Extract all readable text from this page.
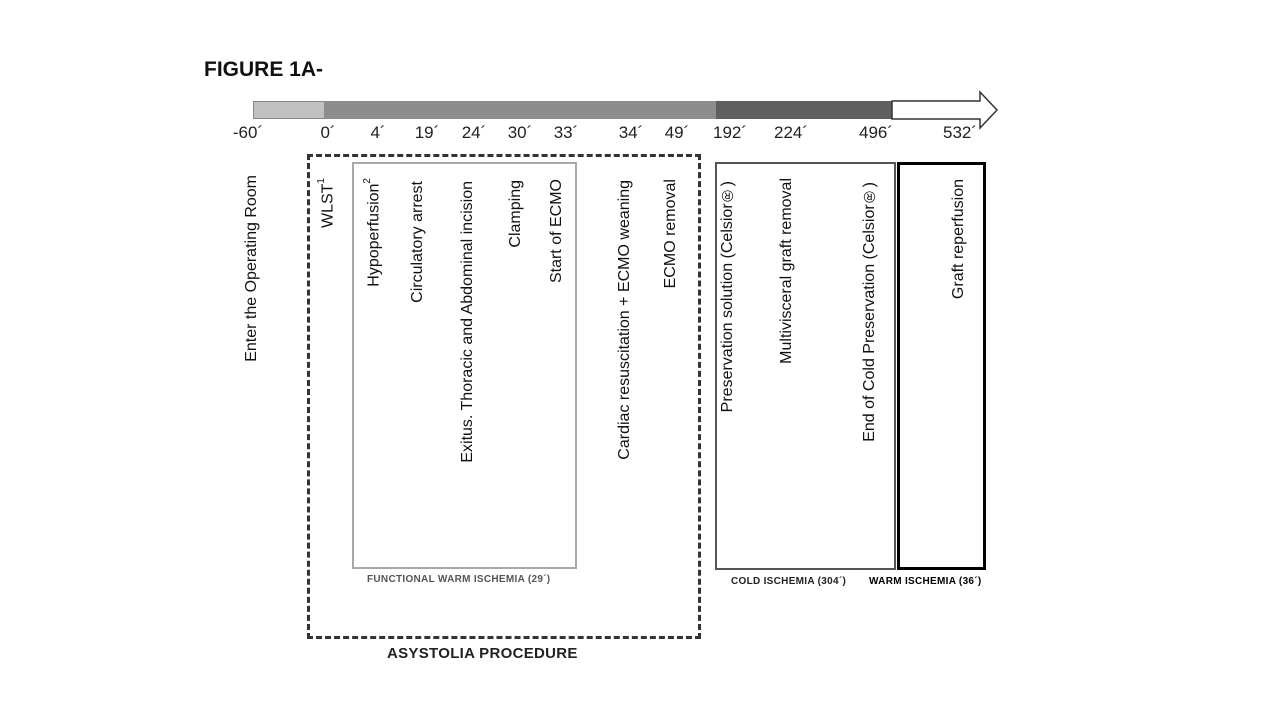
FIGURE 1A-
-60´	0´ 4´ 19´ 24´ 30´ 33´ 34´ 49´ 192´ 224´	496´	532´
Enter the Operating Room	WLST$^1$
Hypoperfusion$^2$
Circulatory arrest Exitus. Thoracic and Abdominal incision Clamping Start of ECMO	Cardiac resuscitation + ECMO weaning ECMO removal	Preservation solution (Celsior®)	Multivisceral graft removal	End of Cold Preservation (Celsior®)	Graft reperfusion
FUNCTIONAL WARM ISCHEMIA (29´)	COLD ISCHEMIA (304´) WARM ISCHEMIA (36´)
ASYSTOLIA PROCEDURE
